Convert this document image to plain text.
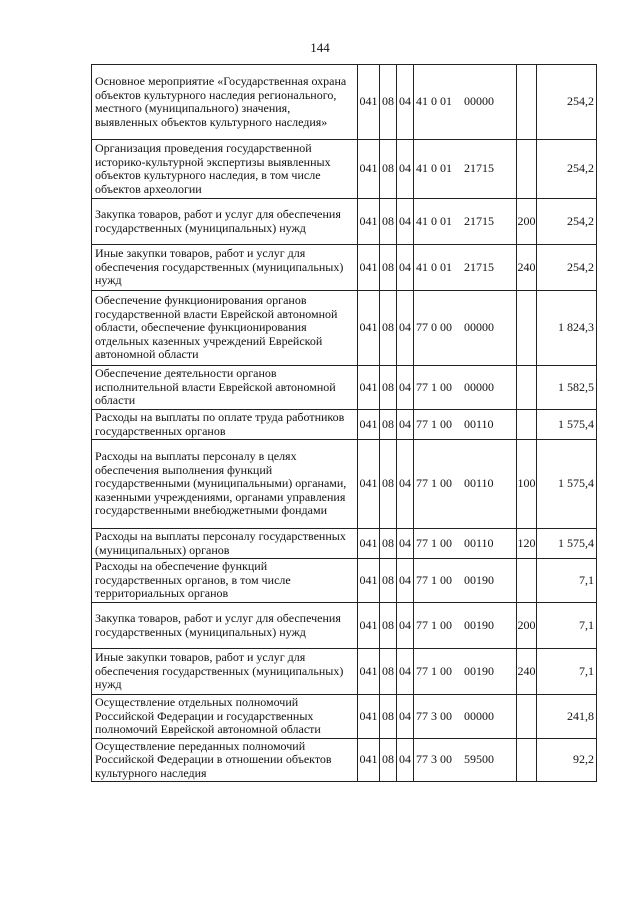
144
Основное мероприятие «Государственная охрана объектов культурного наследия регионального, местного (муниципального) значения, выявленных объектов культурного наследия»	041	08	04	41 0 01 00000		254,2
Организация проведения государственной историко-культурной экспертизы выявленных объектов культурного наследия, в том числе объектов археологии	041	08	04	41 0 01 21715		254,2
Закупка товаров, работ и услуг для обеспечения государственных (муниципальных) нужд	041	08	04	41 0 01 21715	200	254,2
Иные закупки товаров, работ и услуг для обеспечения государственных (муниципальных) нужд	041	08	04	41 0 01 21715	240	254,2
Обеспечение функционирования органов государственной власти Еврейской автономной области, обеспечение функционирования отдельных казенных учреждений Еврейской автономной области	041	08	04	77 0 00 00000		1 824,3
Обеспечение деятельности органов исполнительной власти Еврейской автономной области	041	08	04	77 1 00 00000		1 582,5
Расходы на выплаты по оплате труда работников государственных органов	041	08	04	77 1 00 00110		1 575,4
Расходы на выплаты персоналу в целях обеспечения выполнения функций государственными (муниципальными) органами, казенными учреждениями, органами управления государственными внебюджетными фондами	041	08	04	77 1 00 00110	100	1 575,4
Расходы на выплаты персоналу государственных (муниципальных) органов	041	08	04	77 1 00 00110	120	1 575,4
Расходы на обеспечение функций государственных органов, в том числе территориальных органов	041	08	04	77 1 00 00190		7,1
Закупка товаров, работ и услуг для обеспечения государственных (муниципальных) нужд	041	08	04	77 1 00 00190	200	7,1
Иные закупки товаров, работ и услуг для обеспечения государственных (муниципальных) нужд	041	08	04	77 1 00 00190	240	7,1
Осуществление отдельных полномочий Российской Федерации и государственных полномочий Еврейской автономной области	041	08	04	77 3 00 00000		241,8
Осуществление переданных полномочий Российской Федерации в отношении объектов культурного наследия	041	08	04	77 3 00 59500		92,2
